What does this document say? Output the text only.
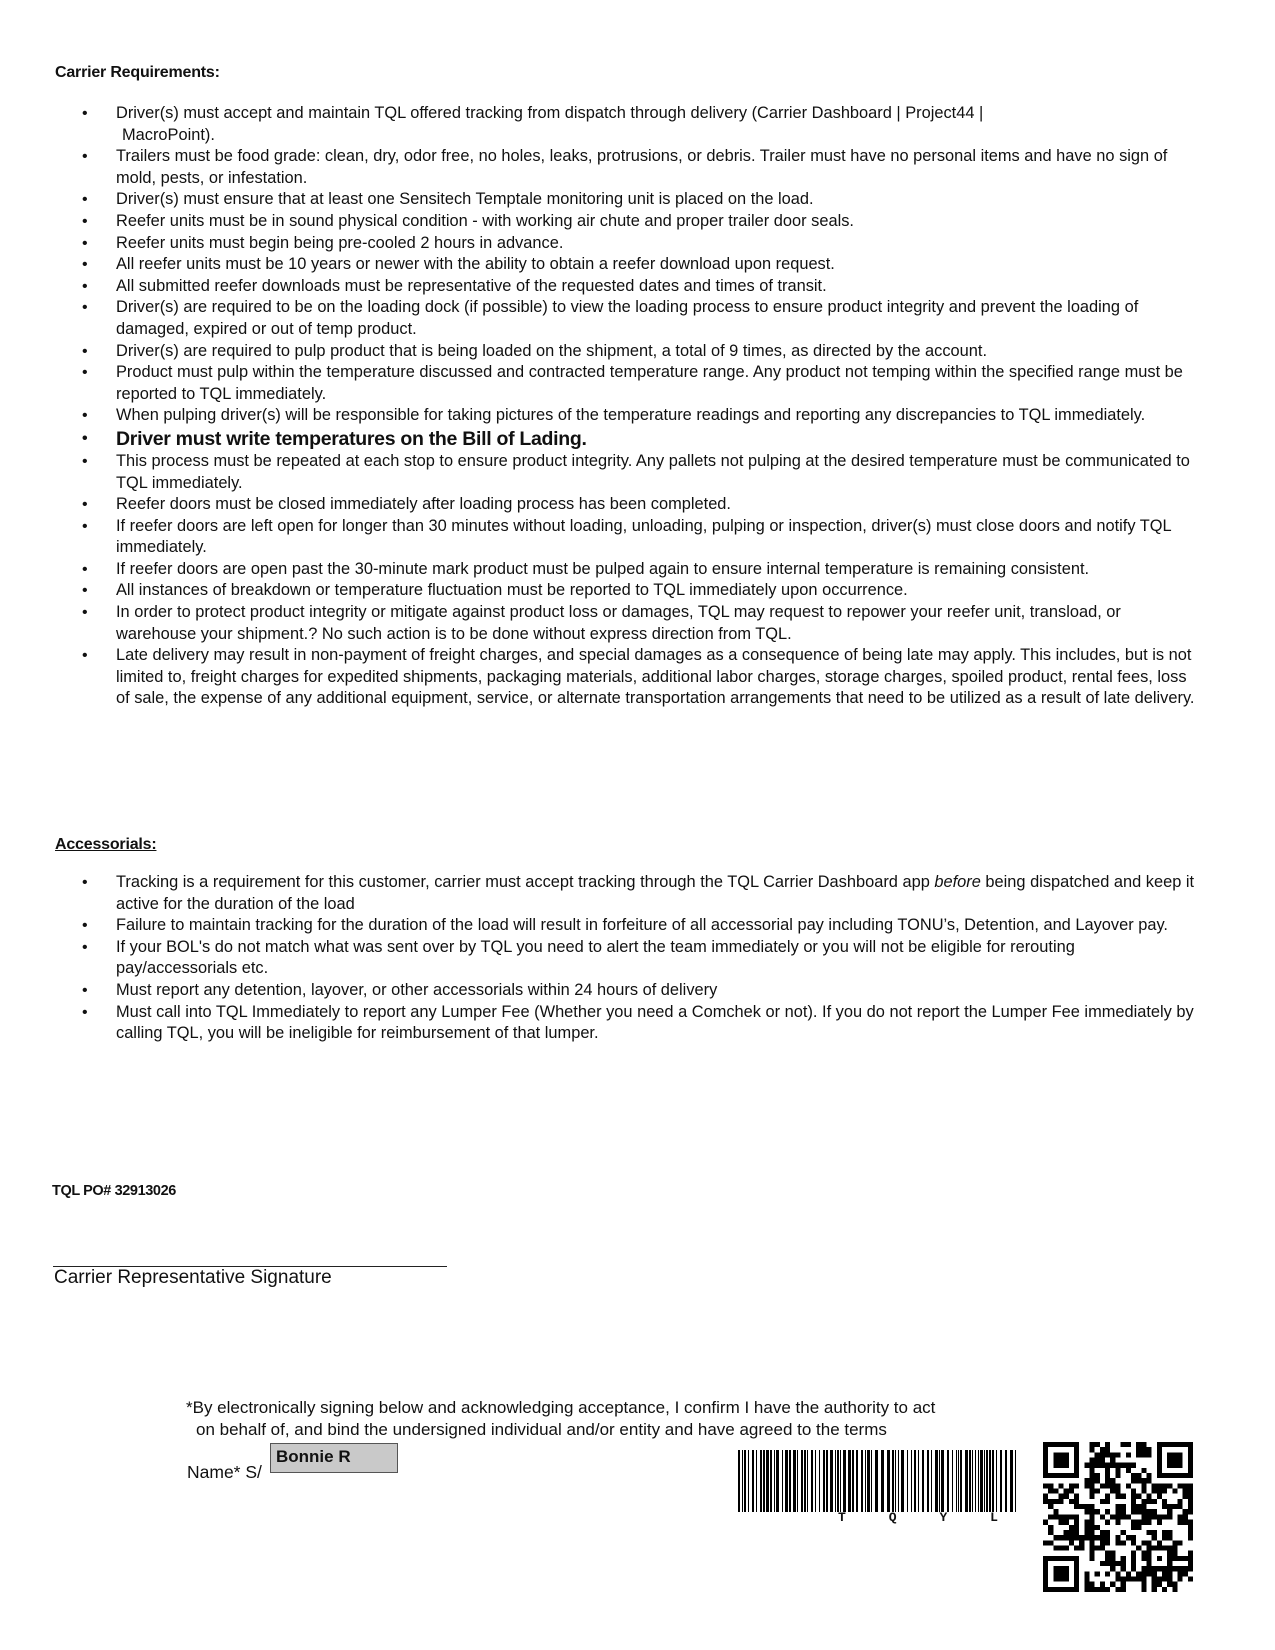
Carrier Requirements:
• Driver(s) must accept and maintain TQL offered tracking from dispatch through delivery (Carrier Dashboard | Project44 |
MacroPoint).
• Trailers must be food grade: clean, dry, odor free, no holes, leaks, protrusions, or debris. Trailer must have no personal items and have no sign of mold, pests, or infestation.
• Driver(s) must ensure that at least one Sensitech Temptale monitoring unit is placed on the load.
• Reefer units must be in sound physical condition - with working air chute and proper trailer door seals.
• Reefer units must begin being pre-cooled 2 hours in advance.
• All reefer units must be 10 years or newer with the ability to obtain a reefer download upon request.
• All submitted reefer downloads must be representative of the requested dates and times of transit.
• Driver(s) are required to be on the loading dock (if possible) to view the loading process to ensure product integrity and prevent the loading of damaged, expired or out of temp product.
• Driver(s) are required to pulp product that is being loaded on the shipment, a total of 9 times, as directed by the account.
• Product must pulp within the temperature discussed and contracted temperature range. Any product not temping within the specified range must be reported to TQL immediately.
• When pulping driver(s) will be responsible for taking pictures of the temperature readings and reporting any discrepancies to TQL immediately.
• Driver must write temperatures on the Bill of Lading.
• This process must be repeated at each stop to ensure product integrity. Any pallets not pulping at the desired temperature must be communicated to TQL immediately.
• Reefer doors must be closed immediately after loading process has been completed.
• If reefer doors are left open for longer than 30 minutes without loading, unloading, pulping or inspection, driver(s) must close doors and notify TQL immediately.
• If reefer doors are open past the 30-minute mark product must be pulped again to ensure internal temperature is remaining consistent.
• All instances of breakdown or temperature fluctuation must be reported to TQL immediately upon occurrence.
• In order to protect product integrity or mitigate against product loss or damages, TQL may request to repower your reefer unit, transload, or warehouse your shipment.? No such action is to be done without express direction from TQL.
• Late delivery may result in non-payment of freight charges, and special damages as a consequence of being late may apply. This includes, but is not limited to, freight charges for expedited shipments, packaging materials, additional labor charges, storage charges, spoiled product, rental fees, loss of sale, the expense of any additional equipment, service, or alternate transportation arrangements that need to be utilized as a result of late delivery.
Accessorials:
• Tracking is a requirement for this customer, carrier must accept tracking through the TQL Carrier Dashboard app before being dispatched and keep it active for the duration of the load
• Failure to maintain tracking for the duration of the load will result in forfeiture of all accessorial pay including TONU’s, Detention, and Layover pay.
• If your BOL's do not match what was sent over by TQL you need to alert the team immediately or you will not be eligible for rerouting pay/accessorials etc.
• Must report any detention, layover, or other accessorials within 24 hours of delivery
• Must call into TQL Immediately to report any Lumper Fee (Whether you need a Comchek or not). If you do not report the Lumper Fee immediately by calling TQL, you will be ineligible for reimbursement of that lumper.
TQL PO# 32913026
Carrier Representative Signature
*By electronically signing below and acknowledging acceptance, I confirm I have the authority to act
on behalf of, and bind the undersigned individual and/or entity and have agreed to the terms
Name* S/
Bonnie R
T	Q	Y	L
